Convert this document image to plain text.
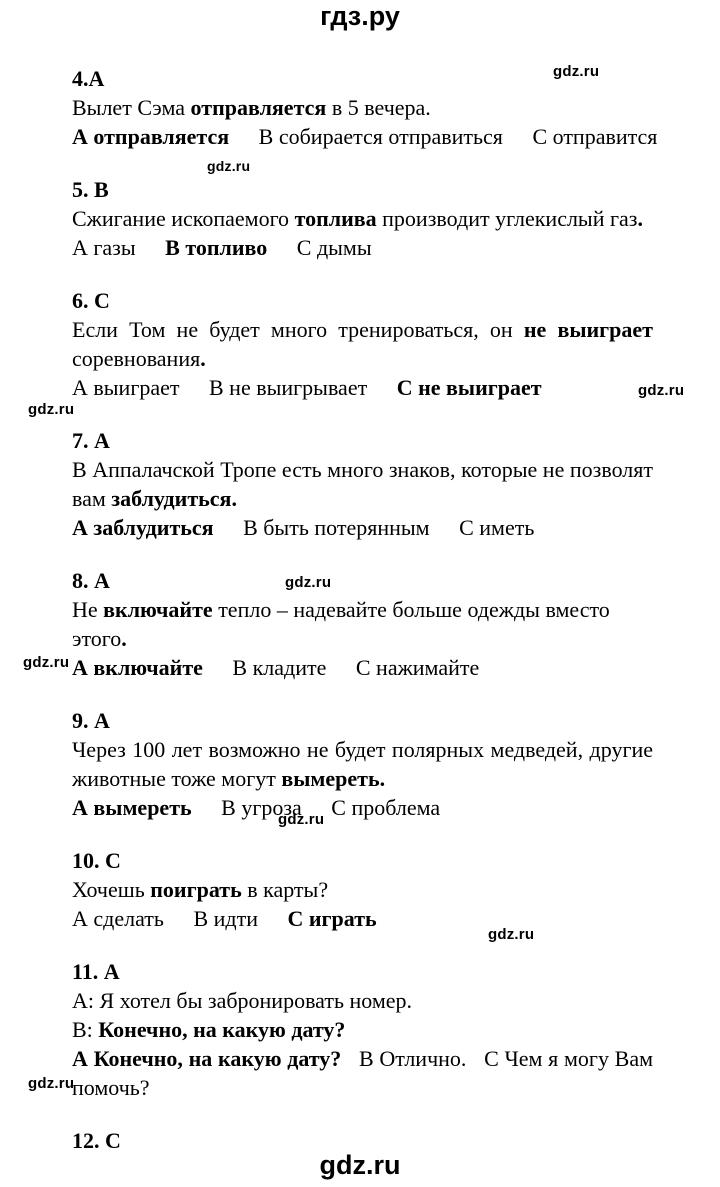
гдз.ру
gdz.ru
gdz.ru
gdz.ru
gdz.ru
gdz.ru
gdz.ru
gdz.ru
gdz.ru
gdz.ru
4.A
Вылет Сэма отправляется в 5 вечера.
А отправляется В собирается отправиться С отправится
5. В
Сжигание ископаемого топлива производит углекислый газ.
А газы В топливо С дымы
6. С
Если Том не будет много тренироваться, он не выиграет
соревнования.
А выиграет В не выигрывает С не выиграет
7. А
В Аппалачской Тропе есть много знаков, которые не позволят
вам заблудиться.
А заблудиться В быть потерянным С иметь
8. А
Не включайте тепло – надевайте больше одежды вместо этого.
А включайте В кладите С нажимайте
9. А
Через 100 лет возможно не будет полярных медведей, другие
животные тоже могут вымереть.
А вымереть В угроза С проблема
10. С
Хочешь поиграть в карты?
А сделать В идти С играть
11. А
А: Я хотел бы забронировать номер.
В: Конечно, на какую дату?
А Конечно, на какую дату? В Отлично. С Чем я могу Вам
помочь?
12. С
gdz.ru
